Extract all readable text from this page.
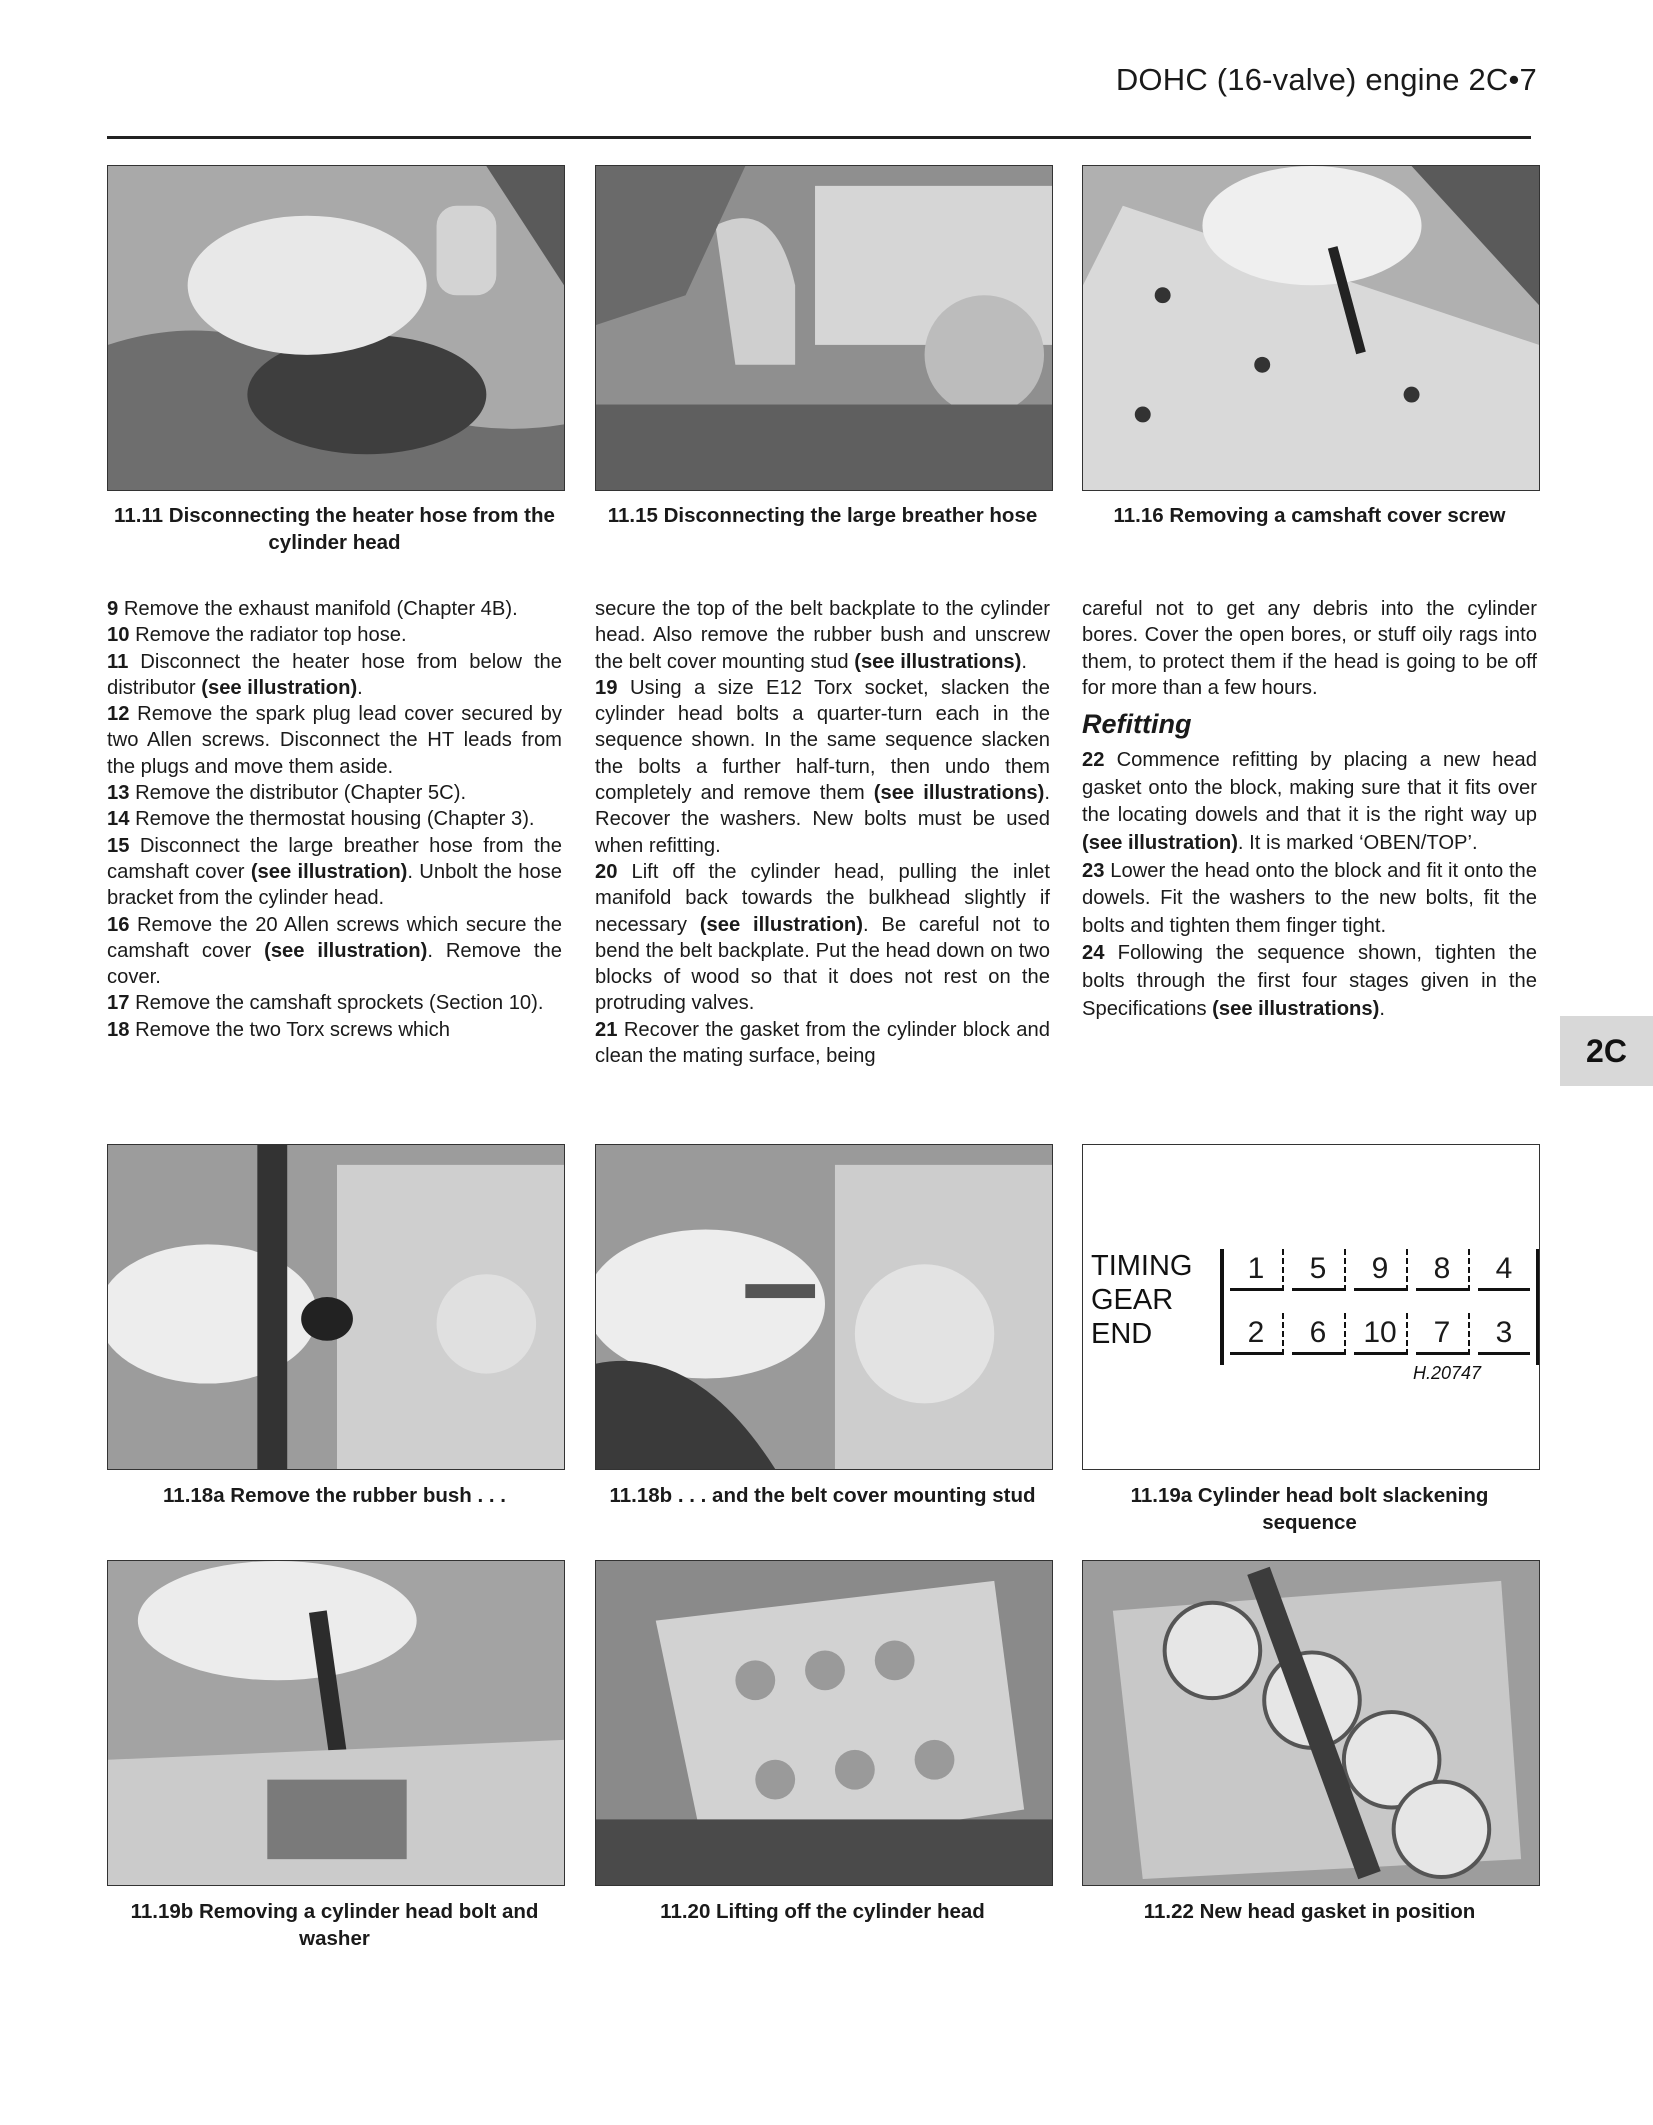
DOHC (16-valve) engine 2C•7
11.11 Disconnecting the heater hose from the cylinder head
11.15 Disconnecting the large breather hose	11.16 Removing a camshaft cover screw

9 Remove the exhaust manifold (Chapter 4B).

10 Remove the radiator top hose.

11 Disconnect the heater hose from below the distributor (see illustration).

12 Remove the spark plug lead cover secured by two Allen screws. Disconnect the HT leads from the plugs and move them aside.

13 Remove the distributor (Chapter 5C).

14 Remove the thermostat housing (Chapter 3).

15 Disconnect the large breather hose from the camshaft cover (see illustration). Unbolt the hose bracket from the cylinder head.

16 Remove the 20 Allen screws which secure the camshaft cover (see illustration). Remove the cover.

17 Remove the camshaft sprockets (Section 10).

18 Remove the two Torx screws which

secure the top of the belt backplate to the cylinder head. Also remove the rubber bush and unscrew the belt cover mounting stud (see illustrations).

19 Using a size E12 Torx socket, slacken the cylinder head bolts a quarter-turn each in the sequence shown. In the same sequence slacken the bolts a further half-turn, then undo them completely and remove them (see illustrations). Recover the washers. New bolts must be used when refitting.

20 Lift off the cylinder head, pulling the inlet manifold back towards the bulkhead slightly if necessary (see illustration). Be careful not to bend the belt backplate. Put the head down on two blocks of wood so that it does not rest on the protruding valves.

21 Recover the gasket from the cylinder block and clean the mating surface, being

careful not to get any debris into the cylinder bores. Cover the open bores, or stuff oily rags into them, to protect them if the head is going to be off for more than a few hours.

Refitting

22 Commence refitting by placing a new head gasket onto the block, making sure that it fits over the locating dowels and that it is the right way up (see illustration). It is marked ‘OBEN/TOP’.

23 Lower the head onto the block and fit it onto the dowels. Fit the washers to the new bolts, fit the bolts and tighten them finger tight.

24 Following the sequence shown, tighten the bolts through the first four stages given in the Specifications (see illustrations).

2C
TIMING
GEAR
END
1	5	9	8	4
2	6	10	7	3
H.20747
11.18a Remove the rubber bush . . .	11.18b . . . and the belt cover mounting stud	11.19a Cylinder head bolt slackening sequence
11.19b Removing a cylinder head bolt and washer
11.20 Lifting off the cylinder head	11.22 New head gasket in position
